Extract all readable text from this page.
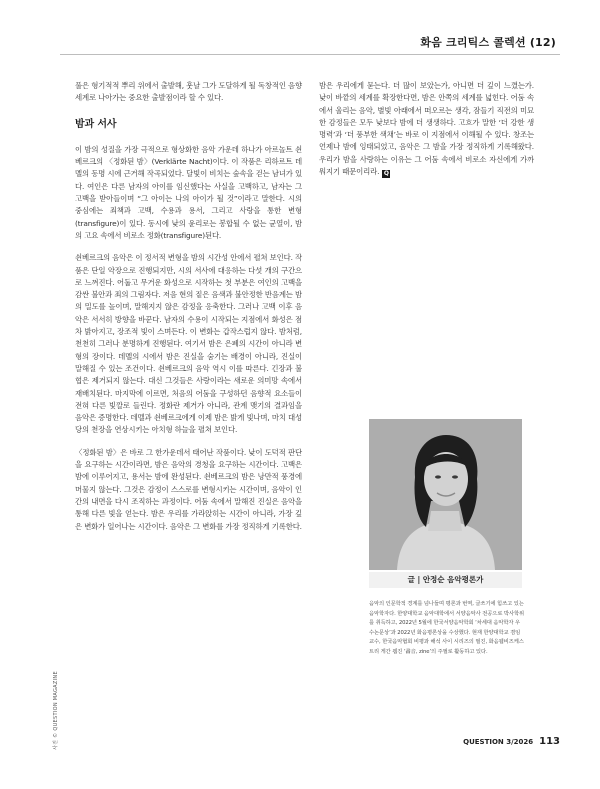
화음 크리틱스 콜렉션 (12)

풀은 형기적적 뿌리 위에서 출발해, 훗날 그가 도달하게 될 독창적인 음향 세계로 나아가는 중요한 출발점이라 할 수 있다.

밤과 서사

이 밤의 성질을 가장 극적으로 형상화한 음악 가운데 하나가 아르놀트 쇤베르크의 〈정화된 밤〉(Verklärte Nacht)이다. 이 작품은 리하르트 데멜의 동명 시에 근거해 작곡되었다. 달빛이 비치는 숲속을 걷는 남녀가 있다. 여인은 다른 남자의 아이를 임신했다는 사실을 고백하고, 남자는 그 고백을 받아들이며 “그 아이는 나의 아이가 될 것”이라고 말한다. 시의 중심에는 죄책과 고백, 수용과 용서, 그리고 사랑을 통한 변형(transfigure)이 있다. 동시에 낮의 윤리로는 봉합될 수 없는 균열이, 밤의 고요 속에서 비로소 정화(transfigure)된다.

쇤베르크의 음악은 이 정서적 변형을 밤의 시간성 안에서 펼쳐 보인다. 작품은 단일 악장으로 진행되지만, 시의 서사에 대응하는 다섯 개의 구간으로 느껴진다. 어둡고 무거운 화성으로 시작하는 첫 부분은 여인의 고백을 감싼 불안과 죄의 그림자다. 저음 현의 짙은 음색과 불안정한 반음계는 밤의 밀도를 높이며, 말해지지 않은 감정을 응축한다. 그러나 고백 이후 음악은 서서히 방향을 바꾼다. 남자의 수용이 시작되는 지점에서 화성은 점차 밝아지고, 장조적 빛이 스며든다. 이 변화는 갑작스럽지 않다. 밤처럼, 천천히 그러나 분명하게 진행된다. 여기서 밤은 은폐의 시간이 아니라 변형의 장이다. 데멜의 시에서 밤은 진실을 숨기는 배경이 아니라, 진실이 말해질 수 있는 조건이다. 쇤베르크의 음악 역시 이를 따른다. 긴장과 불협은 제거되지 않는다. 대신 그것들은 사랑이라는 새로운 의미망 속에서 재배치된다. 마지막에 이르면, 처음의 어둠을 구성하던 음향적 요소들이 전혀 다른 빛깔로 들린다. 정화란 제거가 아니라, 관계 맺기의 결과임을 음악은 증명한다. 데멜과 쇤베르크에게 이제 밤은 밝게 빛나며, 마치 대성당의 천장을 연상시키는 아치형 하늘을 펼쳐 보인다.

〈정화된 밤〉은 바로 그 한가운데서 태어난 작품이다. 낮이 도덕적 판단을 요구하는 시간이라면, 밤은 음악의 경청을 요구하는 시간이다. 고백은 밤에 이루어지고, 용서는 밤에 완성된다. 쇤베르크의 밤은 낭만적 풍경에 머물지 않는다. 그것은 감정이 스스로를 변형시키는 시간이며, 음악이 인간의 내면을 다시 조직하는 과정이다. 어둠 속에서 말해진 진실은 음악을 통해 다른 빛을 얻는다. 밤은 우리를 가라앉히는 시간이 아니라, 가장 깊은 변화가 일어나는 시간이다. 음악은 그 변화를 가장 정직하게 기록한다.

밤은 우리에게 묻는다. 더 많이 보았는가, 아니면 더 깊이 느꼈는가. 낮이 바깥의 세계를 확장한다면, 밤은 안쪽의 세계를 넓힌다. 어둠 속에서 울리는 음악, 별빛 아래에서 떠오르는 생각, 잠들기 직전의 미묘한 감정들은 모두 낮보다 밤에 더 생생하다. 고흐가 말한 ‘더 강한 생명력’과 ‘더 풍부한 색채’는 바로 이 지점에서 이해될 수 있다. 창조는 언제나 밤에 잉태되었고, 음악은 그 밤을 가장 정직하게 기록해왔다. 우리가 밤을 사랑하는 이유는 그 어둠 속에서 비로소 자신에게 가까워지기 때문이리라. Q

글 | 안정순 음악평론가
음악의 인문학적 경계를 넘나들며 평론과 번역, 글쓰기에 힘쓰고 있는 음악학자다. 한양대학교 음악대학에서 서양음악사 전공으로 박사학위를 취득하고, 2022년 5월에 한국서양음악학회 ‘차세대 음악학자 우수논문상’과 2022년 화음평론상을 수상했다. 현재 한양대학교 겸임교수, 한국음악협회 비평과 해석 사이 시리즈의 필진, 화음웹비즈케스트리 게간 웹진 ‘畵音, zine’의 주필로 활동하고 있다.
사진 © QUESTION MAGAZINE	QUESTION 3/2026 113
